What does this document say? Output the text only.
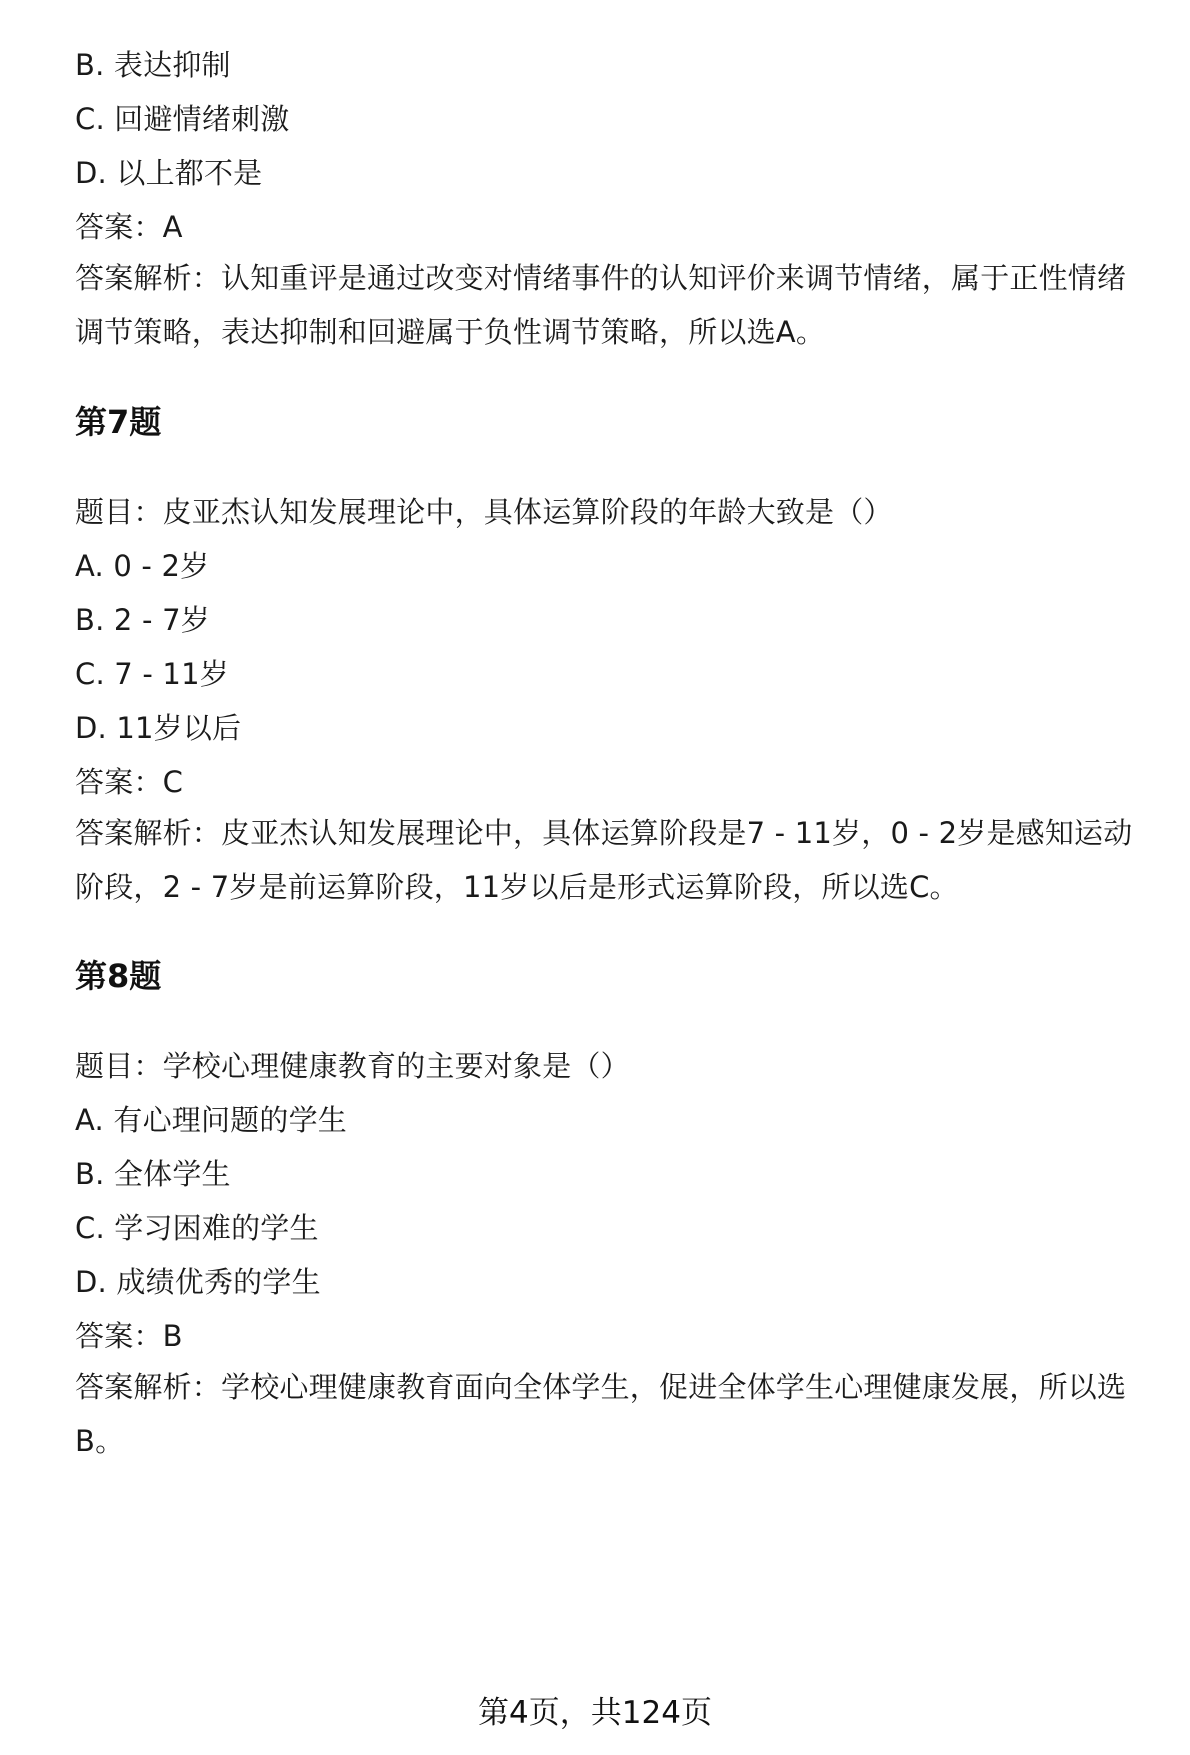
B. 表达抑制
C. 回避情绪刺激
D. 以上都不是
答案：A
答案解析：认知重评是通过改变对情绪事件的认知评价来调节情绪，属于正性情绪调节策略，表达抑制和回避属于负性调节策略，所以选A。
第7题
题目：皮亚杰认知发展理论中，具体运算阶段的年龄大致是（）
A. 0 - 2岁
B. 2 - 7岁
C. 7 - 11岁
D. 11岁以后
答案：C
答案解析：皮亚杰认知发展理论中，具体运算阶段是7 - 11岁，0 - 2岁是感知运动阶段，2 - 7岁是前运算阶段，11岁以后是形式运算阶段，所以选C。
第8题
题目：学校心理健康教育的主要对象是（）
A. 有心理问题的学生
B. 全体学生
C. 学习困难的学生
D. 成绩优秀的学生
答案：B
答案解析：学校心理健康教育面向全体学生，促进全体学生心理健康发展，所以选B。
第4页，共124页
